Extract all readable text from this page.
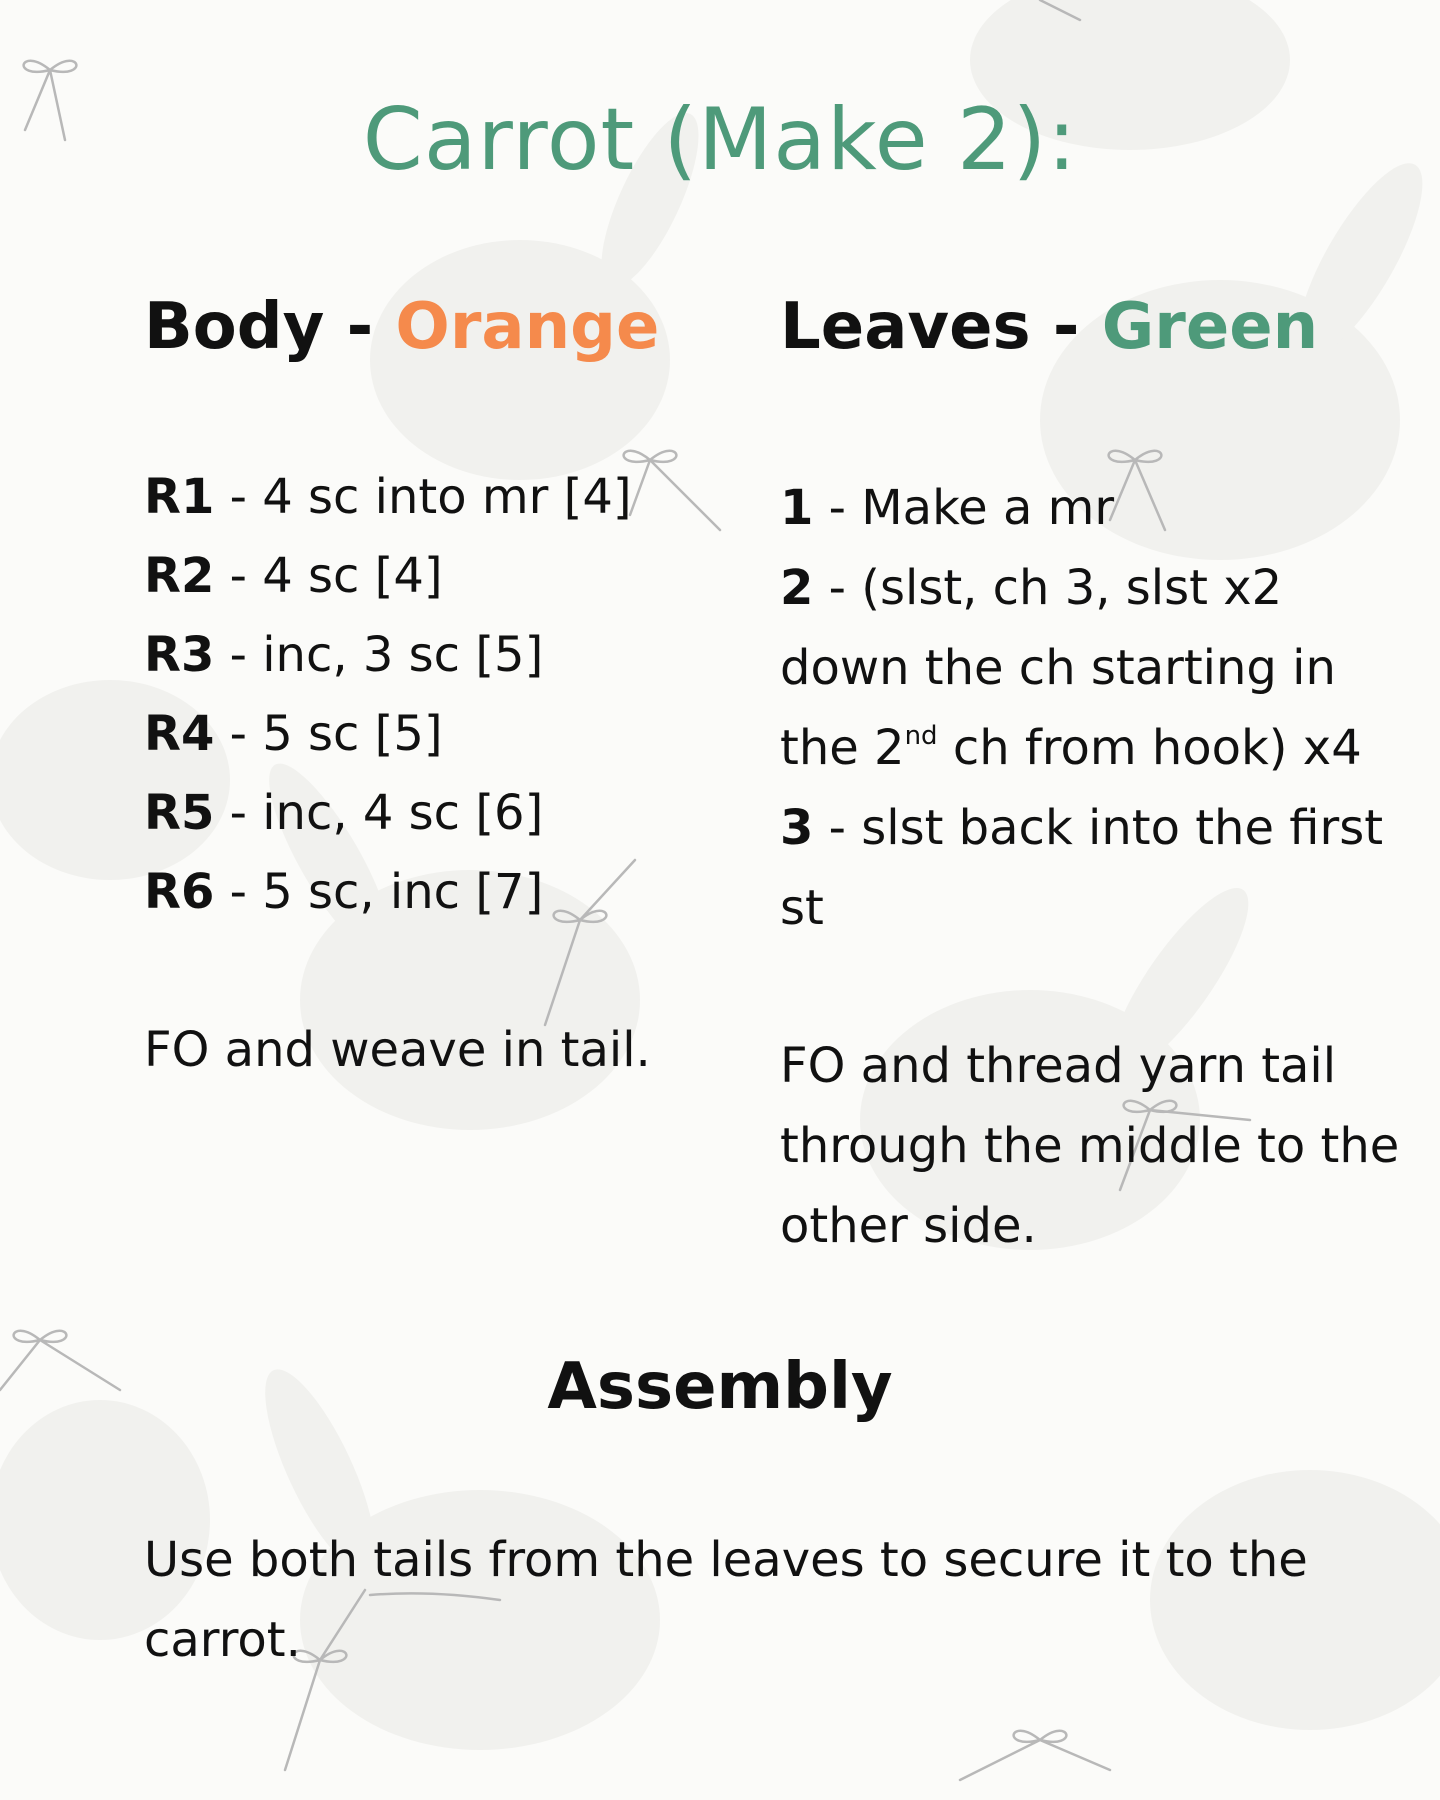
Carrot (Make 2):
Body - Orange Leaves - Green
R1 - 4 sc into mr [4]
R2 - 4 sc [4]
R3 - inc, 3 sc [5]
R4 - 5 sc [5]
R5 - inc, 4 sc [6]
R6 - 5 sc, inc [7]
1 - Make a mr
2 - (slst, ch 3, slst x2 down the ch starting in the 2nd ch from hook) x4
3 - slst back into the first st

FO and weave in tail.	FO and thread yarn tail through the middle to the other side.

Assembly

Use both tails from the leaves to secure it to the carrot.
